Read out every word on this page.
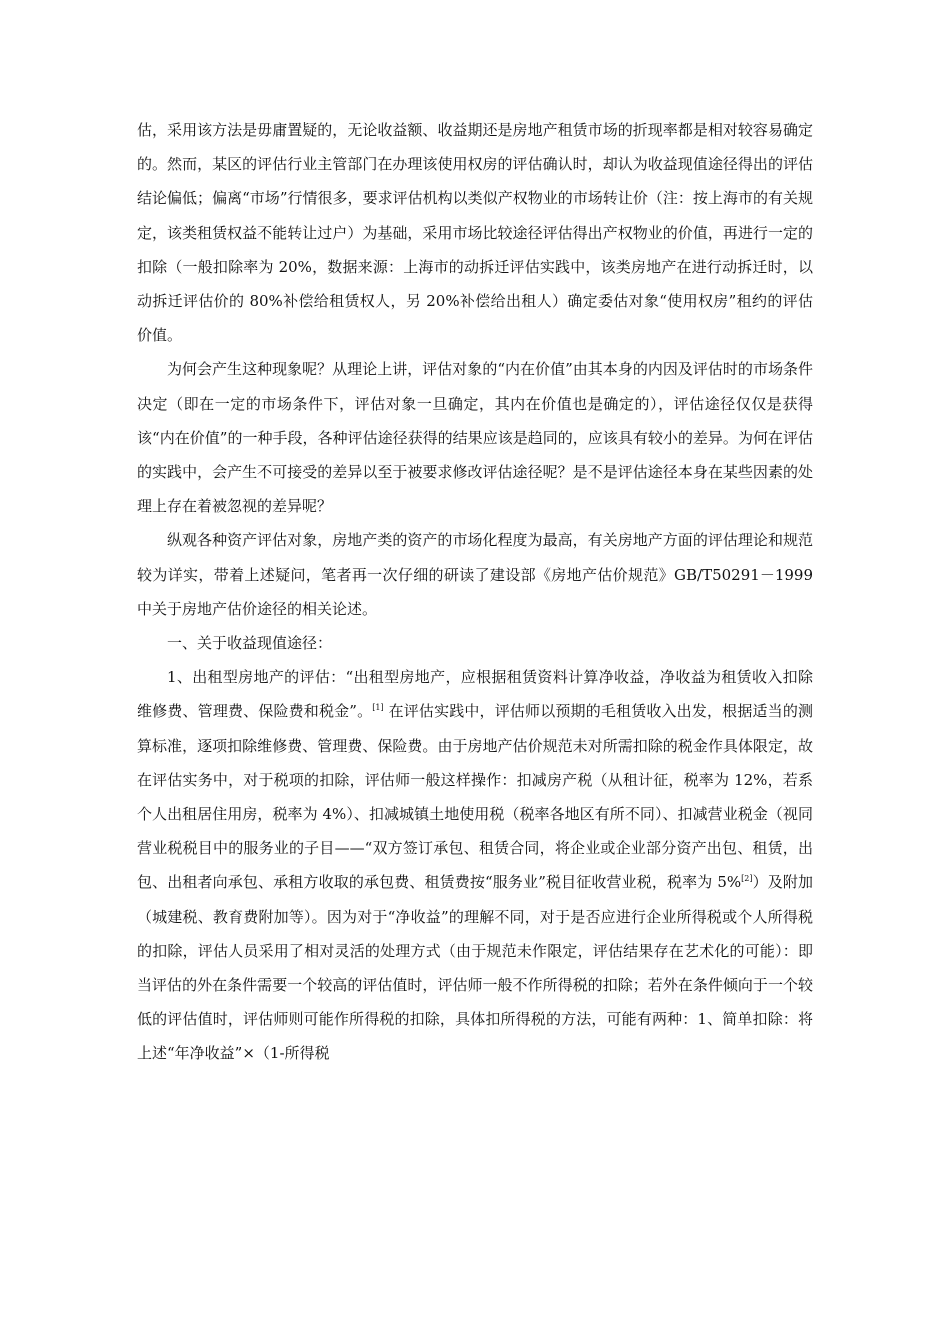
估，采用该方法是毋庸置疑的，无论收益额、收益期还是房地产租赁市场的折现率都是相对较容易确定的。然而，某区的评估行业主管部门在办理该使用权房的评估确认时，却认为收益现值途径得出的评估结论偏低；偏离“市场”行情很多，要求评估机构以类似产权物业的市场转让价（注：按上海市的有关规定，该类租赁权益不能转让过户）为基础，采用市场比较途径评估得出产权物业的价值，再进行一定的扣除（一般扣除率为 20%，数据来源：上海市的动拆迁评估实践中，该类房地产在进行动拆迁时，以动拆迁评估价的 80%补偿给租赁权人，另 20%补偿给出租人）确定委估对象“使用权房”租约的评估价值。

为何会产生这种现象呢？从理论上讲，评估对象的“内在价值”由其本身的内因及评估时的市场条件决定（即在一定的市场条件下，评估对象一旦确定，其内在价值也是确定的），评估途径仅仅是获得该“内在价值”的一种手段，各种评估途径获得的结果应该是趋同的，应该具有较小的差异。为何在评估的实践中，会产生不可接受的差异以至于被要求修改评估途径呢？是不是评估途径本身在某些因素的处理上存在着被忽视的差异呢？

纵观各种资产评估对象，房地产类的资产的市场化程度为最高，有关房地产方面的评估理论和规范较为详实，带着上述疑问，笔者再一次仔细的研读了建设部《房地产估价规范》GB/T50291－1999 中关于房地产估价途径的相关论述。

一、关于收益现值途径：

1、出租型房地产的评估：“出租型房地产，应根据租赁资料计算净收益，净收益为租赁收入扣除维修费、管理费、保险费和税金”。[1] 在评估实践中，评估师以预期的毛租赁收入出发，根据适当的测算标准，逐项扣除维修费、管理费、保险费。由于房地产估价规范未对所需扣除的税金作具体限定，故在评估实务中，对于税项的扣除，评估师一般这样操作：扣减房产税（从租计征，税率为 12%，若系个人出租居住用房，税率为 4%）、扣减城镇土地使用税（税率各地区有所不同）、扣减营业税金（视同营业税税目中的服务业的子目——“双方签订承包、租赁合同，将企业或企业部分资产出包、租赁，出包、出租者向承包、承租方收取的承包费、租赁费按“服务业”税目征收营业税，税率为 5%[2]）及附加（城建税、教育费附加等）。因为对于“净收益”的理解不同，对于是否应进行企业所得税或个人所得税的扣除，评估人员采用了相对灵活的处理方式（由于规范未作限定，评估结果存在艺术化的可能）：即当评估的外在条件需要一个较高的评估值时，评估师一般不作所得税的扣除；若外在条件倾向于一个较低的评估值时，评估师则可能作所得税的扣除，具体扣所得税的方法，可能有两种：1、简单扣除：将上述“年净收益”×（1-所得税
